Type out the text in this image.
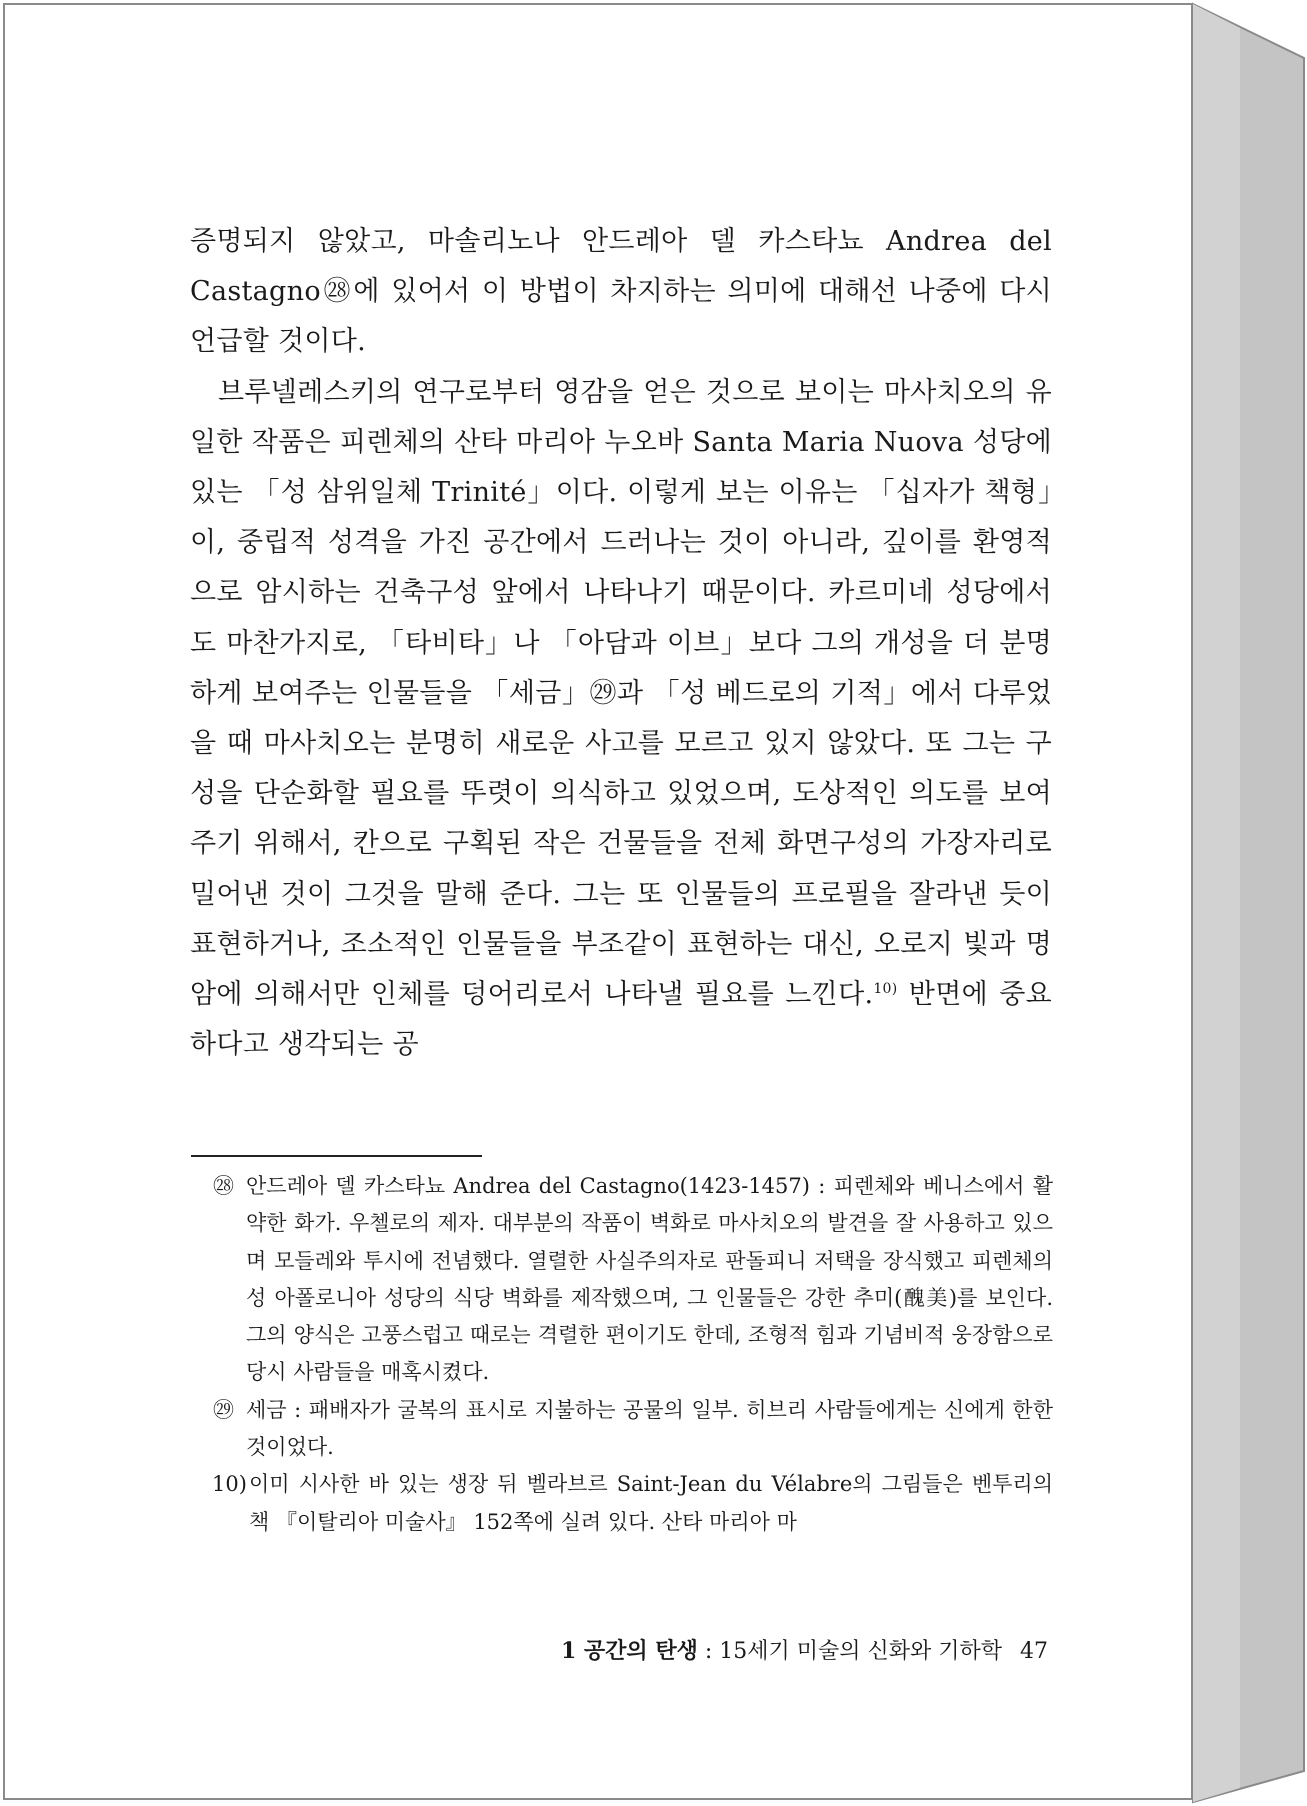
증명되지 않았고, 마솔리노나 안드레아 델 카스타뇨 Andrea del Castagno㉘에 있어서 이 방법이 차지하는 의미에 대해선 나중에 다시 언급할 것이다.

브루넬레스키의 연구로부터 영감을 얻은 것으로 보이는 마사치오의 유일한 작품은 피렌체의 산타 마리아 누오바 Santa Maria Nuova 성당에 있는 「성 삼위일체 Trinité」이다. 이렇게 보는 이유는 「십자가 책형」이, 중립적 성격을 가진 공간에서 드러나는 것이 아니라, 깊이를 환영적으로 암시하는 건축구성 앞에서 나타나기 때문이다. 카르미네 성당에서도 마찬가지로, 「타비타」나 「아담과 이브」보다 그의 개성을 더 분명하게 보여주는 인물들을 「세금」㉙과 「성 베드로의 기적」에서 다루었을 때 마사치오는 분명히 새로운 사고를 모르고 있지 않았다. 또 그는 구성을 단순화할 필요를 뚜렷이 의식하고 있었으며, 도상적인 의도를 보여주기 위해서, 칸으로 구획된 작은 건물들을 전체 화면구성의 가장자리로 밀어낸 것이 그것을 말해 준다. 그는 또 인물들의 프로필을 잘라낸 듯이 표현하거나, 조소적인 인물들을 부조같이 표현하는 대신, 오로지 빛과 명암에 의해서만 인체를 덩어리로서 나타낼 필요를 느낀다.$^{10)}$ 반면에 중요하다고 생각되는 공

㉘ 안드레아 델 카스타뇨 Andrea del Castagno(1423-1457) : 피렌체와 베니스에서 활약한 화가. 우첼로의 제자. 대부분의 작품이 벽화로 마사치오의 발견을 잘 사용하고 있으며 모들레와 투시에 전념했다. 열렬한 사실주의자로 판돌피니 저택을 장식했고 피렌체의 성 아폴로니아 성당의 식당 벽화를 제작했으며, 그 인물들은 강한 추미(醜美)를 보인다. 그의 양식은 고풍스럽고 때로는 격렬한 편이기도 한데, 조형적 힘과 기념비적 웅장함으로 당시 사람들을 매혹시켰다.

㉙ 세금 : 패배자가 굴복의 표시로 지불하는 공물의 일부. 히브리 사람들에게는 신에게 한한 것이었다.

10) 이미 시사한 바 있는 생장 뒤 벨라브르 Saint-Jean du Vélabre의 그림들은 벤투리의 책 『이탈리아 미술사』 152쪽에 실려 있다. 산타 마리아 마

1 공간의 탄생 : 15세기 미술의 신화와 기하학 47
